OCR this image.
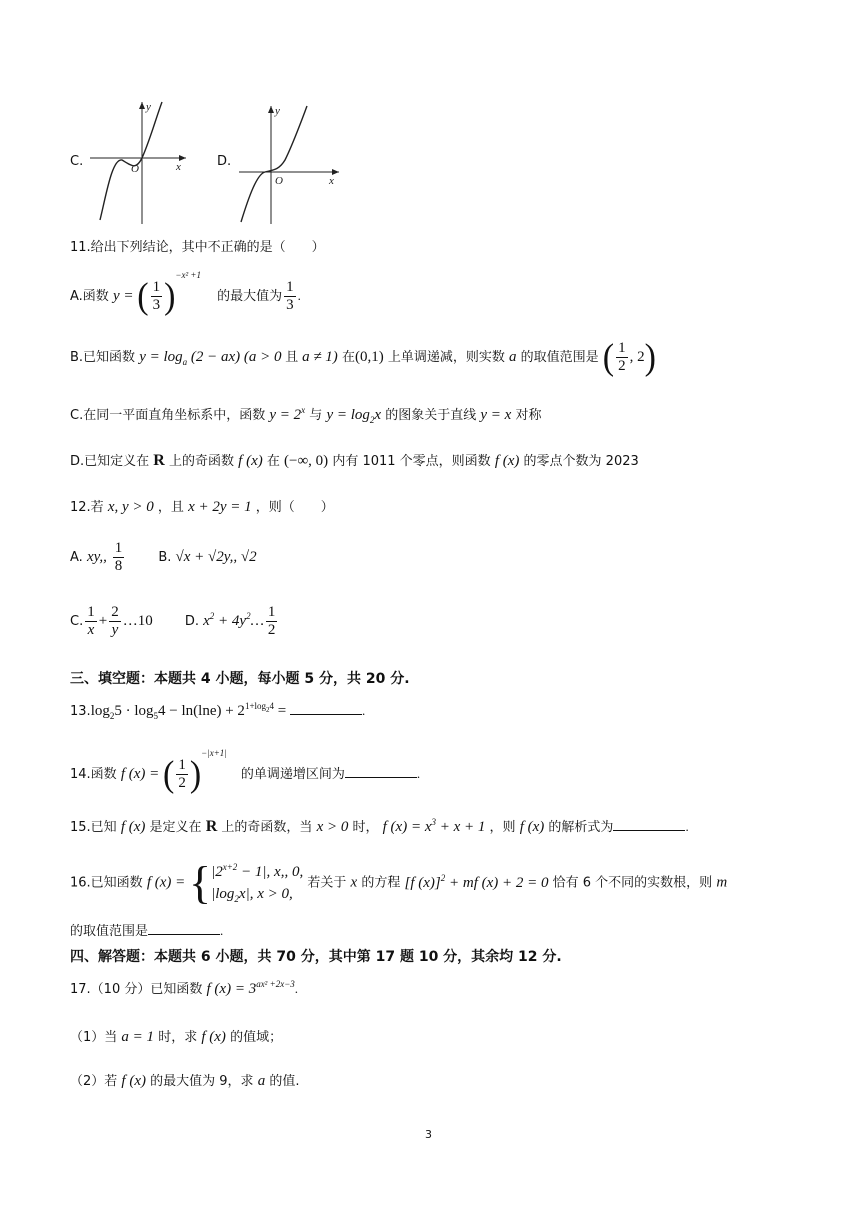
C.
y
x
O	D.
y
x
O
11.给出下列结论，其中不正确的是（　　）
A.函数 y = ( $\frac{1}{3} )^{-x^2 +1}$ 的最大值为 $\frac{1}{3}$ .
B.已知函数 $y = \log_a (2 - ax) (a > 0$ 且 a ≠ 1) 在(0,1) 上单调递减，则实数 a 的取值范围是 ( $\frac{1}{2}$ , 2)
C.在同一平面直角坐标系中，函数 $y = 2^x$ 与 $y = \log_2x$ 的图象关于直线 y = x 对称
D.已知定义在 R 上的奇函数 f (x) 在 (−∞, 0) 内有 1011 个零点，则函数 f (x) 的零点个数为 2023
12.若 x, y > 0 ，且 x + 2y = 1 ，则（　　）
A. xy,, $\frac{1}{8}$	B. √x + √2y,, √2
C. $\frac{1}{x} + \frac{2}{y}$ …10 D. $x^2$ + $4y^2\dots \frac{1}{2}$
三、填空题：本题共 4 小题，每小题 5 分，共 20 分.
$13.\log_25 \cdot \log_54 - \ln(\ln e) + 2^{1+log_24}$ =	.
14.函数 f (x) = ( $\frac{1}{2} )^{-|x+1|}$ 的单调递增区间为	.
15.已知 f (x) 是定义在 R 上的奇函数，当 x > 0 时， f $(x) = x^3 + x + 1$ ，则 f (x) 的解析式为	.
16.已知函数 f (x) = { $|2^{x+2} - 1|$, x,, 0,
$|\log_2x|$, x > 0,
若关于 x 的方程 [f (x)]$^2$ + mf (x) + 2 = 0 恰有 6 个不同的实数根，则 m
的取值范围是	.
四、解答题：本题共 6 小题，共 70 分，其中第 17 题 10 分，其余均 12 分.
17.（10 分）已知函数 f $(x) = 3^{ax^2 +2x-3}$.
（1）当 a = 1 时，求 f (x) 的值域；
（2）若 f (x) 的最大值为 9，求 a 的值.
3
